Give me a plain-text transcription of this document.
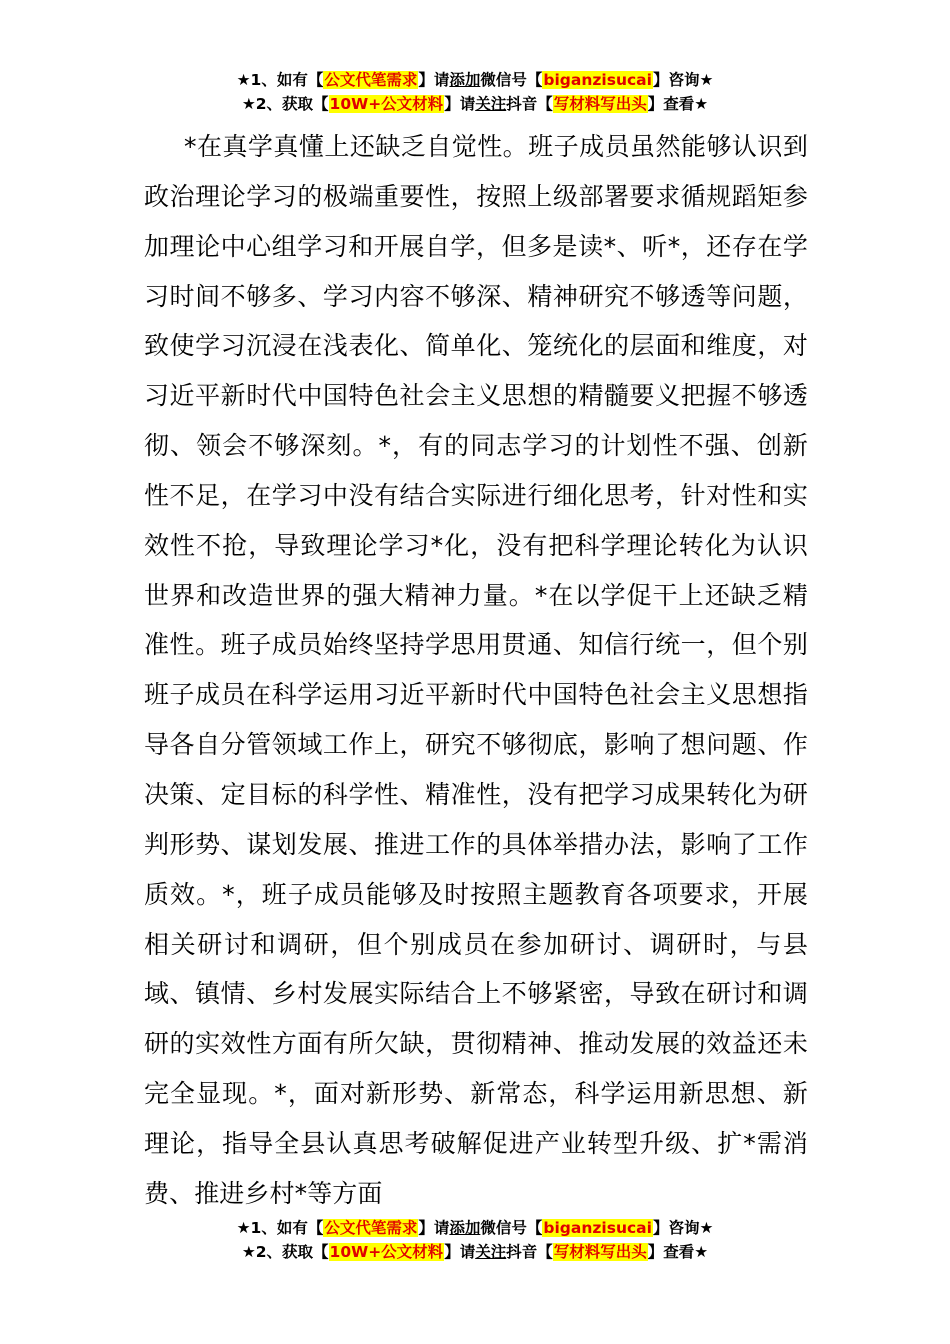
★1、如有【公文代笔需求】请添加微信号【biganzisucai】咨询★
★2、获取【10W+公文材料】请关注抖音【写材料写出头】查看★

*在真学真懂上还缺乏自觉性。班子成员虽然能够认识到政治理论学习的极端重要性，按照上级部署要求循规蹈矩参加理论中心组学习和开展自学，但多是读*、听*，还存在学习时间不够多、学习内容不够深、精神研究不够透等问题，致使学习沉浸在浅表化、简单化、笼统化的层面和维度，对习近平新时代中国特色社会主义思想的精髓要义把握不够透彻、领会不够深刻。*，有的同志学习的计划性不强、创新性不足，在学习中没有结合实际进行细化思考，针对性和实效性不抢，导致理论学习*化，没有把科学理论转化为认识世界和改造世界的强大精神力量。*在以学促干上还缺乏精准性。班子成员始终坚持学思用贯通、知信行统一，但个别班子成员在科学运用习近平新时代中国特色社会主义思想指导各自分管领域工作上，研究不够彻底，影响了想问题、作决策、定目标的科学性、精准性，没有把学习成果转化为研判形势、谋划发展、推进工作的具体举措办法，影响了工作质效。*，班子成员能够及时按照主题教育各项要求，开展相关研讨和调研，但个别成员在参加研讨、调研时，与县域、镇情、乡村发展实际结合上不够紧密，导致在研讨和调研的实效性方面有所欠缺，贯彻精神、推动发展的效益还未完全显现。*，面对新形势、新常态，科学运用新思想、新理论，指导全县认真思考破解促进产业转型升级、扩*需消费、推进乡村*等方面

★1、如有【公文代笔需求】请添加微信号【biganzisucai】咨询★
★2、获取【10W+公文材料】请关注抖音【写材料写出头】查看★
